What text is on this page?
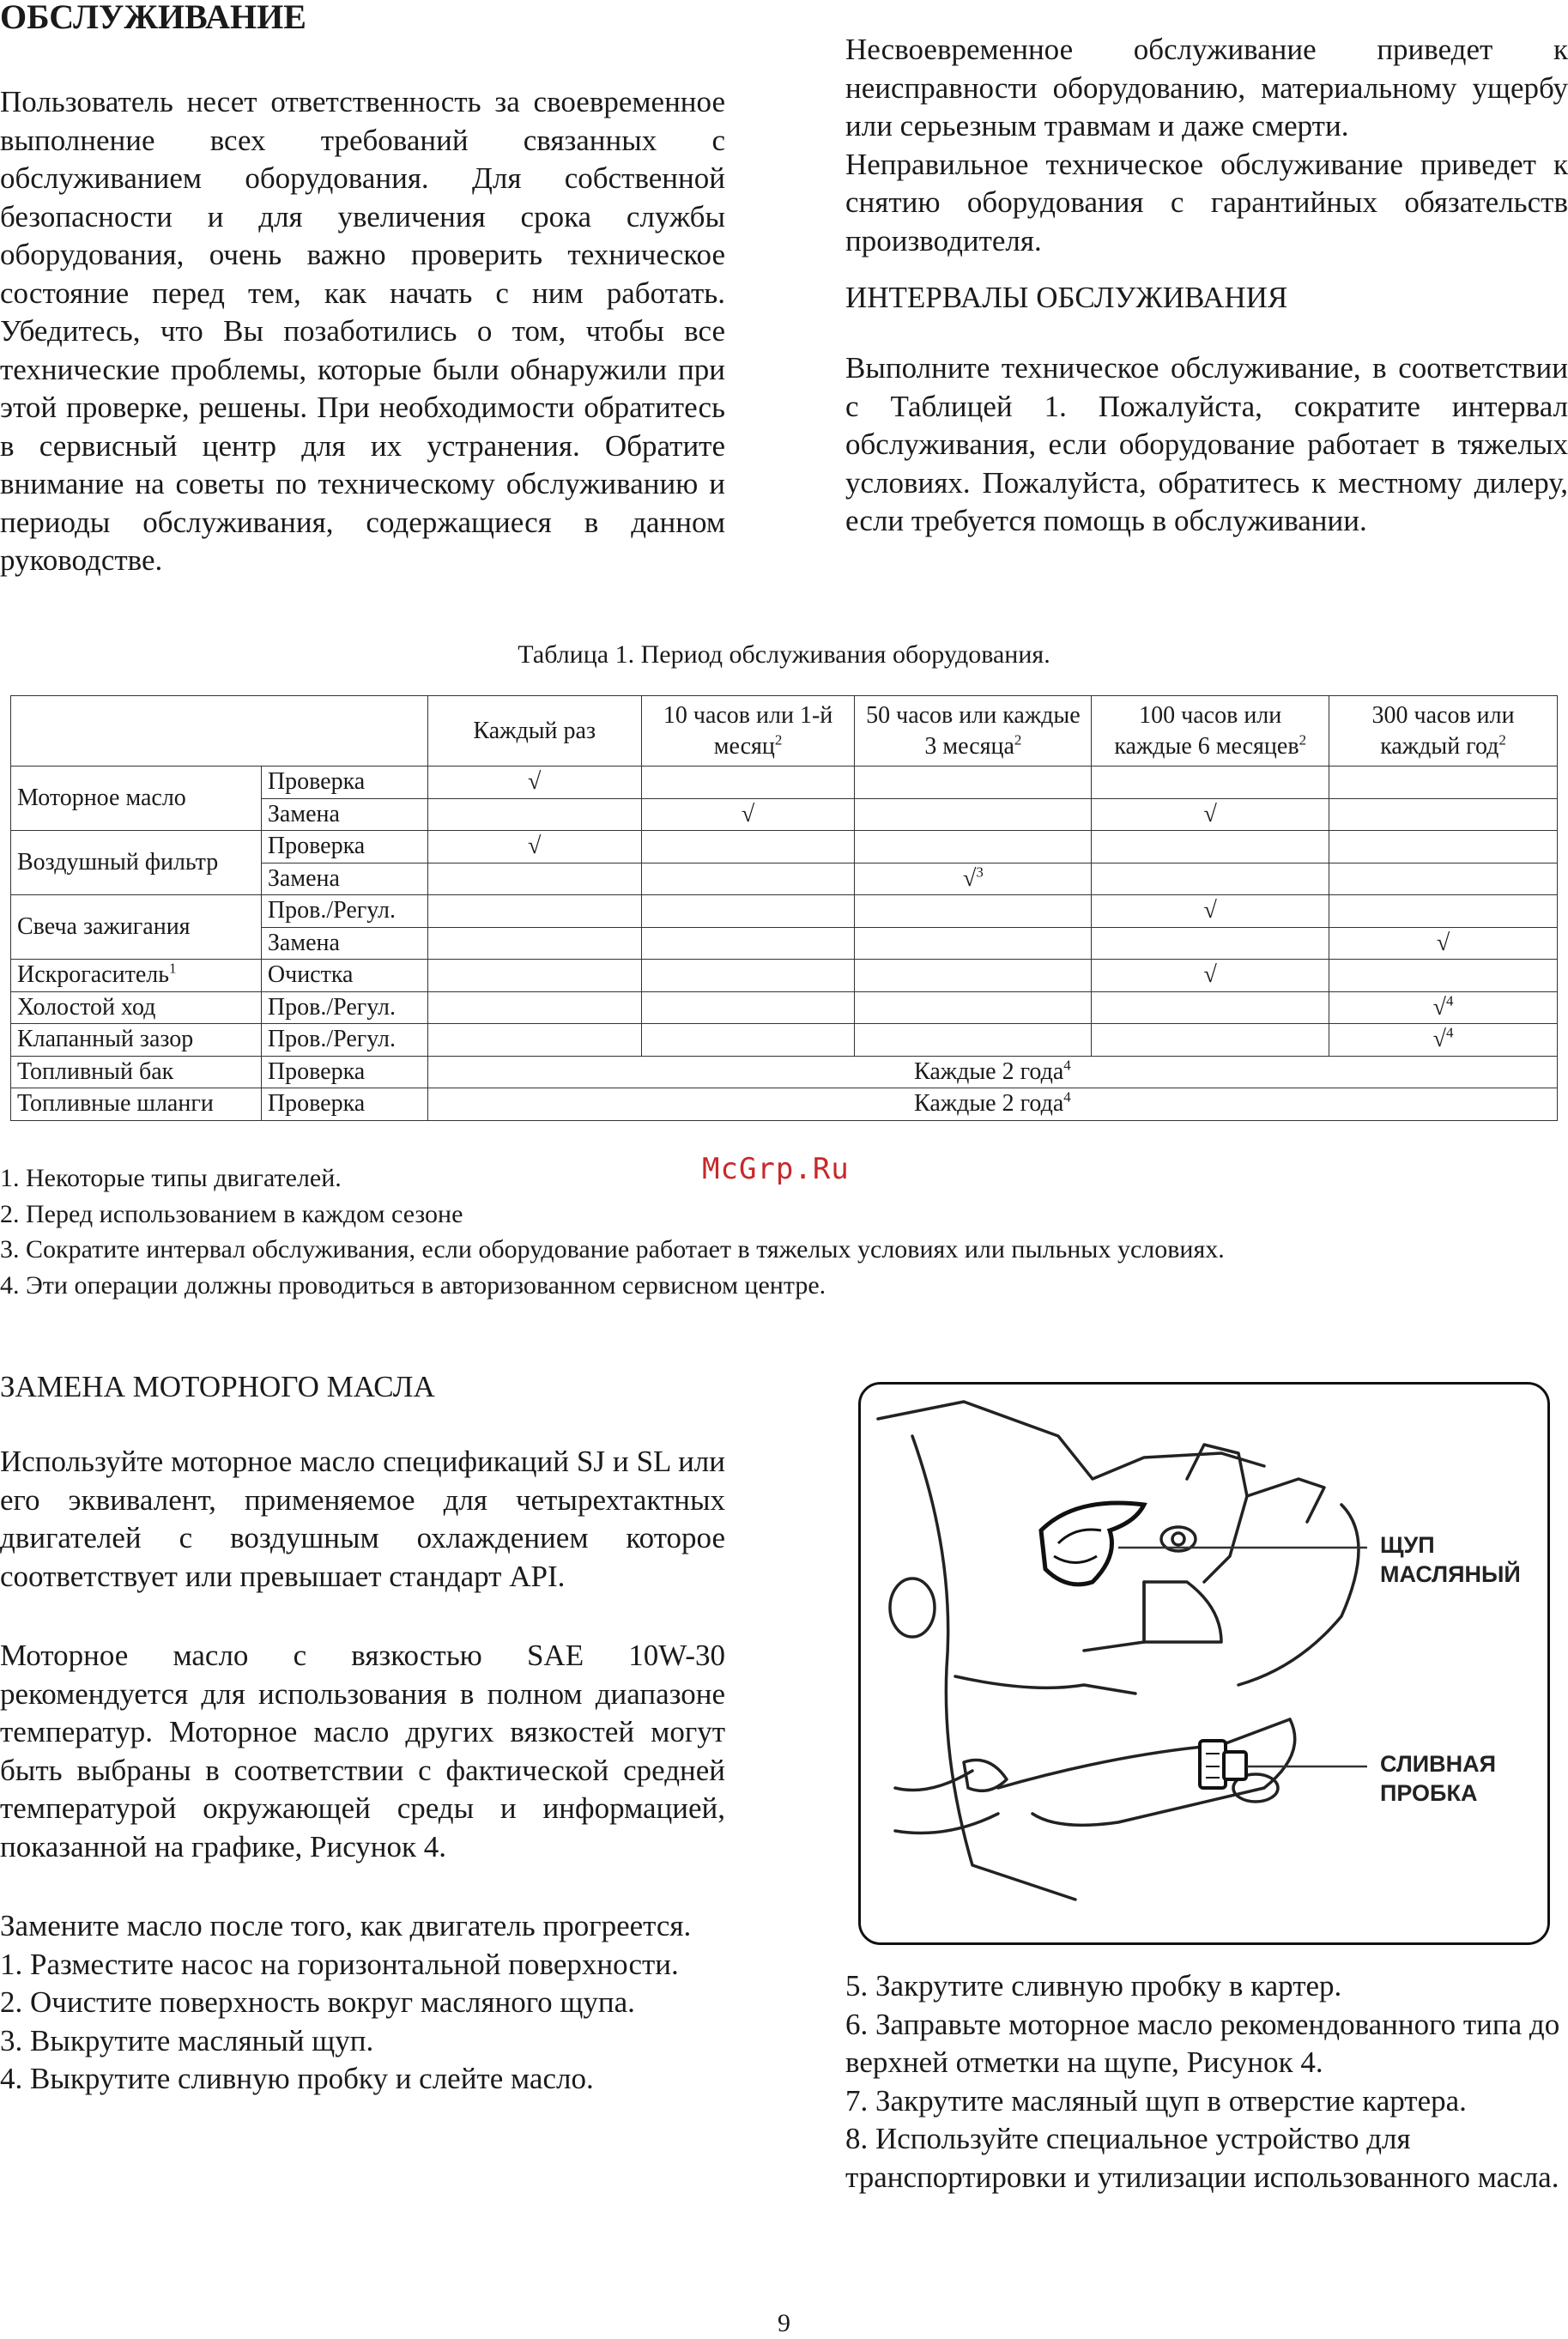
ОБСЛУЖИВАНИЕ
Пользователь несет ответственность за своевременное выполнение всех требований связанных с обслуживанием оборудования. Для собственной безопасности и для увеличения срока службы оборудования, очень важно проверить техническое состояние перед тем, как начать с ним работать. Убедитесь, что Вы позаботились о том, чтобы все технические проблемы, которые были обнаружили при этой проверке, решены. При необходимости обратитесь в сервисный центр для их устранения. Обратите внимание на советы по техническому обслуживанию и периоды обслуживания, содержащиеся в данном руководстве.

Несвоевременное обслуживание приведет к неисправности оборудованию, материальному ущербу или серьезным травмам и даже смерти.

Неправильное техническое обслуживание приведет к снятию оборудования с гарантийных обязательств производителя.

ИНТЕРВАЛЫ ОБСЛУЖИВАНИЯ

Выполните техническое обслуживание, в соответствии с Таблицей 1. Пожалуйста, сократите интервал обслуживания, если оборудование работает в тяжелых условиях. Пожалуйста, обратитесь к местному дилеру, если требуется помощь в обслуживании.

Таблица 1. Период обслуживания оборудования.
		Каждый раз	10 часов или 1-й месяц$^2$	50 часов или каждые 3 месяца$^2$	100 часов или каждые 6 месяцев$^2$	300 часов или каждый год$^2$
Моторное масло	Проверка	√				
	Замена		√		√	
Воздушный фильтр	Проверка	√				
	Замена			√$^3$		
Свеча зажигания	Пров./Регул.				√	
	Замена					√
Искрогаситель$^1$	Очистка				√	
Холостой ход	Пров./Регул.					√$^4$
Клапанный зазор	Пров./Регул.					√$^4$
Топливный бак	Проверка	Каждые 2 года$^4$
Топливные шланги	Проверка	Каждые 2 года$^4$
1. Некоторые типы двигателей.
2. Перед использованием в каждом сезоне
3. Сократите интервал обслуживания, если оборудование работает в тяжелых условиях или пыльных условиях.
4. Эти операции должны проводиться в авторизованном сервисном центре.
McGrp.Ru
ЗАМЕНА МОТОРНОГО МАСЛА

Используйте моторное масло спецификаций SJ и SL или его эквивалент, применяемое для четырехтактных двигателей с воздушным охлаждением которое соответствует или превышает стандарт API.

Моторное масло с вязкостью SAE 10W-30 рекомендуется для использования в полном диапазоне температур. Моторное масло других вязкостей могут быть выбраны в соответствии с фактической средней температурой окружающей среды и информацией, показанной на графике, Рисунок 4.

Замените масло после того, как двигатель прогреется.

1. Разместите насос на горизонтальной поверхности.

2. Очистите поверхность вокруг масляного щупа.

3. Выкрутите масляный щуп.

4. Выкрутите сливную пробку и слейте масло.

ЩУП
МАСЛЯНЫЙ
СЛИВНАЯ
ПРОБКА

5. Закрутите сливную пробку в картер.

6. Заправьте моторное масло рекомендованного типа до верхней отметки на щупе, Рисунок 4.

7. Закрутите масляный щуп в отверстие картера.

8. Используйте специальное устройство для транспортировки и утилизации использованного масла.

9
